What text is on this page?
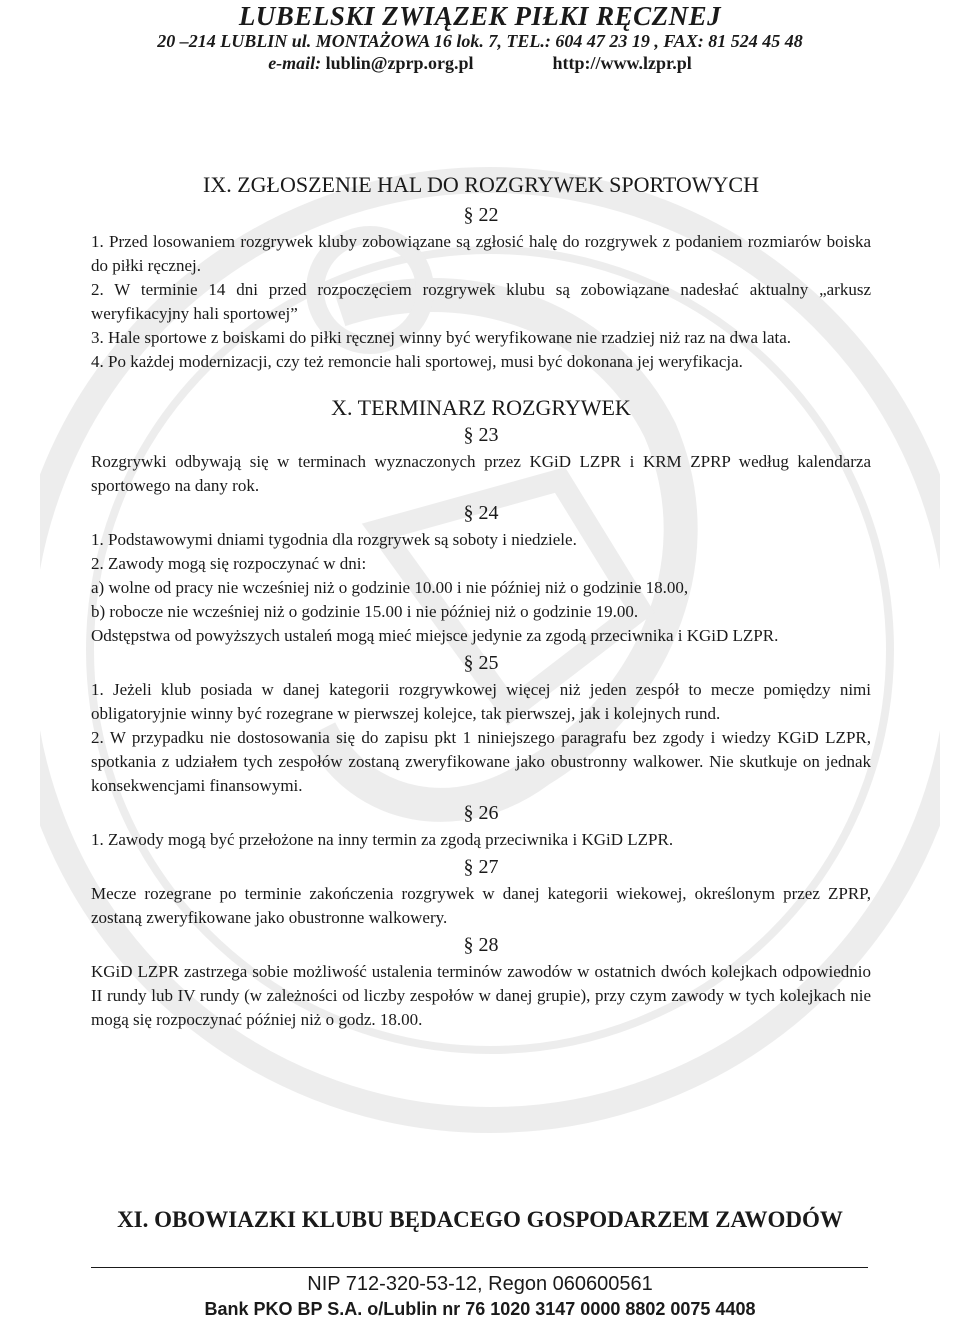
LUBELSKI ZWIĄZEK PIŁKI RĘCZNEJ
20 –214 LUBLIN ul. MONTAŻOWA 16 lok. 7, TEL.: 604 47 23 19 , FAX: 81 524 45 48
e-mail: lublin@zprp.org.pl	http://www.lzpr.pl

IX. ZGŁOSZENIE HAL DO ROZGRYWEK SPORTOWYCH

§ 22

1. Przed losowaniem rozgrywek kluby zobowiązane są zgłosić halę do rozgrywek z podaniem rozmiarów boiska do piłki ręcznej.

2. W terminie 14 dni przed rozpoczęciem rozgrywek klubu są zobowiązane nadesłać aktualny „arkusz weryfikacyjny hali sportowej”

3. Hale sportowe z boiskami do piłki ręcznej winny być weryfikowane nie rzadziej niż raz na dwa lata.

4. Po każdej modernizacji, czy też remoncie hali sportowej, musi być dokonana jej weryfikacja.

X. TERMINARZ ROZGRYWEK

§ 23

Rozgrywki odbywają się w terminach wyznaczonych przez KGiD LZPR i KRM ZPRP według kalendarza sportowego na dany rok.

§ 24

1. Podstawowymi dniami tygodnia dla rozgrywek są soboty i niedziele.

2. Zawody mogą się rozpoczynać w dni:

a) wolne od pracy nie wcześniej niż o godzinie 10.00 i nie później niż o godzinie 18.00,

b) robocze nie wcześniej niż o godzinie 15.00 i nie później niż o godzinie 19.00.

Odstępstwa od powyższych ustaleń mogą mieć miejsce jedynie za zgodą przeciwnika i KGiD LZPR.

§ 25

1. Jeżeli klub posiada w danej kategorii rozgrywkowej więcej niż jeden zespół to mecze pomiędzy nimi obligatoryjnie winny być rozegrane w pierwszej kolejce, tak pierwszej, jak i kolejnych rund.

2. W przypadku nie dostosowania się do zapisu pkt 1 niniejszego paragrafu bez zgody i wiedzy KGiD LZPR, spotkania z udziałem tych zespołów zostaną zweryfikowane jako obustronny walkower. Nie skutkuje on jednak konsekwencjami finansowymi.

§ 26

1. Zawody mogą być przełożone na inny termin za zgodą przeciwnika i KGiD LZPR.

§ 27

Mecze rozegrane po terminie zakończenia rozgrywek w danej kategorii wiekowej, określonym przez ZPRP, zostaną zweryfikowane jako obustronne walkowery.

§ 28

KGiD LZPR zastrzega sobie możliwość ustalenia terminów zawodów w ostatnich dwóch kolejkach odpowiednio II rundy lub IV rundy (w zależności od liczby zespołów w danej grupie), przy czym zawody w tych kolejkach nie mogą się rozpoczynać później niż o godz. 18.00.

XI. OBOWIAZKI KLUBU BĘDACEGO GOSPODARZEM ZAWODÓW
NIP 712-320-53-12, Regon 060600561
Bank PKO BP S.A. o/Lublin nr 76 1020 3147 0000 8802 0075 4408
